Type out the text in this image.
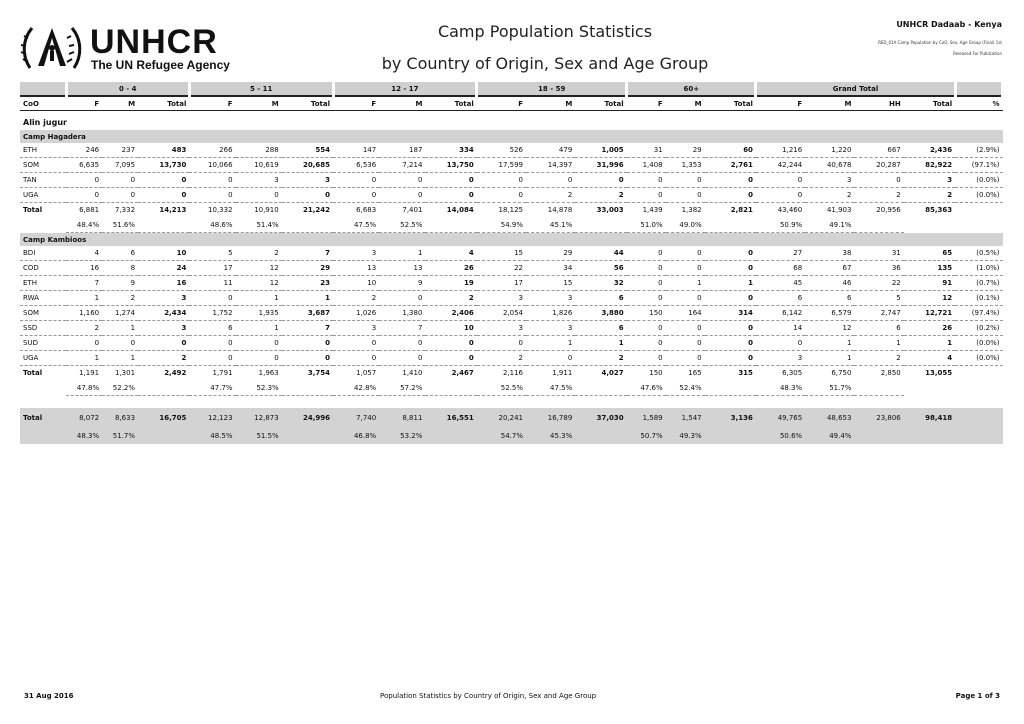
UNHCR
The UN Refugee Agency
Camp Population Statistics
by Country of Origin, Sex and Age Group
UNHCR Dadaab - Kenya
RED_01A Camp Population by CoO, Sex, Age Group (Final) 1st
Released For Publication
	0 - 4			5 - 11			12 - 17			18 - 59			60+			Grand Total				
CoO	F	M	Total	F	M	Total	F	M	Total	F	M	Total	F	M	Total	F	M	HH	Total	%
Alin jugur																				
Camp Hagadera																				
ETH	246	237	483	266	288	554	147	187	334	526	479	1,005	31	29	60	1,216	1,220	667	2,436	(2.9%)
SOM	6,635	7,095	13,730	10,066	10,619	20,685	6,536	7,214	13,750	17,599	14,397	31,996	1,408	1,353	2,761	42,244	40,678	20,287	82,922	(97.1%)
TAN	0	0	0	0	3	3	0	0	0	0	0	0	0	0	0	0	3	0	3	(0.0%)
UGA	0	0	0	0	0	0	0	0	0	0	2	2	0	0	0	0	2	2	2	(0.0%)
Total	6,881	7,332	14,213	10,332	10,910	21,242	6,683	7,401	14,084	18,125	14,878	33,003	1,439	1,382	2,821	43,460	41,903	20,956	85,363	
	48.4%	51.6%		48.6%	51.4%		47.5%	52.5%		54.9%	45.1%		51.0%	49.0%		50.9%	49.1%			
Camp Kambioos																				
BDI	4	6	10	5	2	7	3	1	4	15	29	44	0	0	0	27	38	31	65	(0.5%)
COD	16	8	24	17	12	29	13	13	26	22	34	56	0	0	0	68	67	36	135	(1.0%)
ETH	7	9	16	11	12	23	10	9	19	17	15	32	0	1	1	45	46	22	91	(0.7%)
RWA	1	2	3	0	1	1	2	0	2	3	3	6	0	0	0	6	6	5	12	(0.1%)
SOM	1,160	1,274	2,434	1,752	1,935	3,687	1,026	1,380	2,406	2,054	1,826	3,880	150	164	314	6,142	6,579	2,747	12,721	(97.4%)
SSD	2	1	3	6	1	7	3	7	10	3	3	6	0	0	0	14	12	6	26	(0.2%)
SUD	0	0	0	0	0	0	0	0	0	0	1	1	0	0	0	0	1	1	1	(0.0%)
UGA	1	1	2	0	0	0	0	0	0	2	0	2	0	0	0	3	1	2	4	(0.0%)
Total	1,191	1,301	2,492	1,791	1,963	3,754	1,057	1,410	2,467	2,116	1,911	4,027	150	165	315	6,305	6,750	2,850	13,055	
	47.8%	52.2%		47.7%	52.3%		42.8%	57.2%		52.5%	47.5%		47.6%	52.4%		48.3%	51.7%			

Total	8,072	8,633	16,705	12,123	12,873	24,996	7,740	8,811	16,551	20,241	16,789	37,030	1,589	1,547	3,136	49,765	48,653	23,806	98,418	
	48.3%	51.7%		48.5%	51.5%		46.8%	53.2%		54.7%	45.3%		50.7%	49.3%		50.6%	49.4%			
31 Aug 2016	Population Statistics by Country of Origin, Sex and Age Group	Page 1 of 3
